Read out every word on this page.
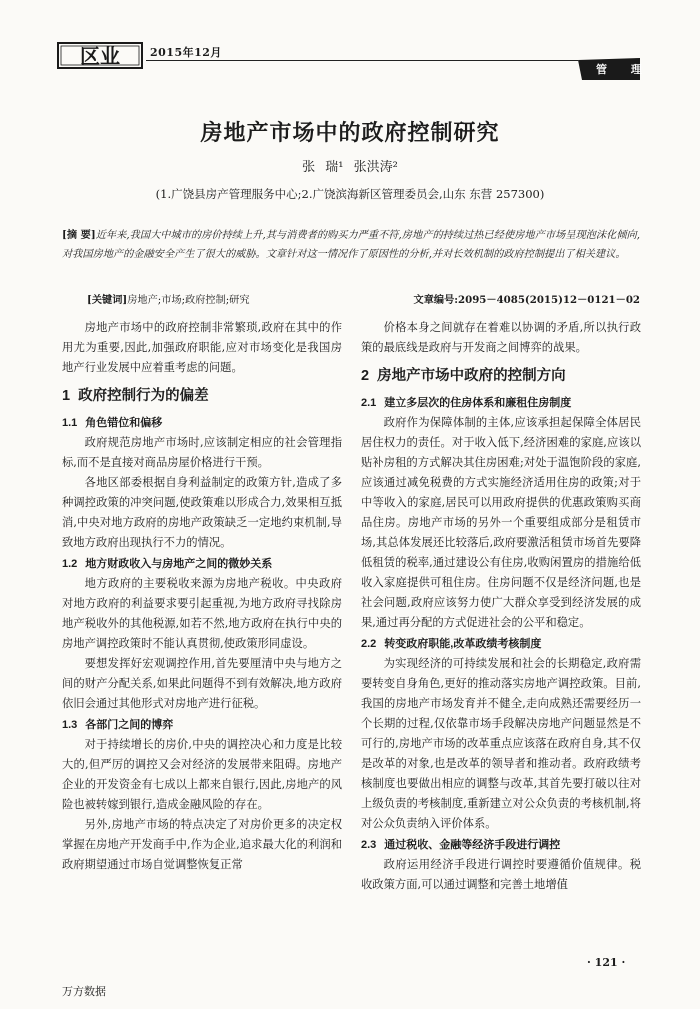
区业	2015年12月
管 理
房地产市场中的政府控制研究
张 瑞¹ 张洪涛²
(1.广饶县房产管理服务中心;2.广饶滨海新区管理委员会,山东 东营 257300)
[摘 要]近年来,我国大中城市的房价持续上升,其与消费者的购买力严重不符,房地产的持续过热已经使房地产市场呈现泡沫化倾向,对我国房地产的金融安全产生了很大的威胁。文章针对这一情况作了原因性的分析,并对长效机制的政府控制提出了相关建议。
[关键词]房地产;市场;政府控制;研究	文章编号:2095－4085(2015)12－0121－02

房地产市场中的政府控制非常繁琐,政府在其中的作用尤为重要,因此,加强政府职能,应对市场变化是我国房地产行业发展中应着重考虑的问题。

1 政府控制行为的偏差
1.1 角色错位和偏移

政府规范房地产市场时,应该制定相应的社会管理指标,而不是直接对商品房屋价格进行干预。

各地区部委根据自身利益制定的政策方针,造成了多种调控政策的冲突问题,使政策难以形成合力,效果相互抵消,中央对地方政府的房地产政策缺乏一定地约束机制,导致地方政府出现执行不力的情况。

1.2 地方财政收入与房地产之间的微妙关系

地方政府的主要税收来源为房地产税收。中央政府对地方政府的利益要求要引起重视,为地方政府寻找除房地产税收外的其他税源,如若不然,地方政府在执行中央的房地产调控政策时不能认真贯彻,使政策形同虚设。

要想发挥好宏观调控作用,首先要厘清中央与地方之间的财产分配关系,如果此问题得不到有效解决,地方政府依旧会通过其他形式对房地产进行征税。

1.3 各部门之间的博弈

对于持续增长的房价,中央的调控决心和力度是比较大的,但严厉的调控又会对经济的发展带来阻碍。房地产企业的开发资金有七成以上都来自银行,因此,房地产的风险也被转嫁到银行,造成金融风险的存在。

另外,房地产市场的特点决定了对房价更多的决定权掌握在房地产开发商手中,作为企业,追求最大化的利润和政府期望通过市场自觉调整恢复正常

价格本身之间就存在着难以协调的矛盾,所以执行政策的最底线是政府与开发商之间博弈的战果。

2 房地产市场中政府的控制方向
2.1 建立多层次的住房体系和廉租住房制度

政府作为保障体制的主体,应该承担起保障全体居民居住权力的责任。对于收入低下,经济困难的家庭,应该以贴补房租的方式解决其住房困难;对处于温饱阶段的家庭,应该通过减免税费的方式实施经济适用住房的政策;对于中等收入的家庭,居民可以用政府提供的优惠政策购买商品住房。房地产市场的另外一个重要组成部分是租赁市场,其总体发展还比较落后,政府要激活租赁市场首先要降低租赁的税率,通过建设公有住房,收购闲置房的措施给低收入家庭提供可租住房。住房问题不仅是经济问题,也是社会问题,政府应该努力使广大群众享受到经济发展的成果,通过再分配的方式促进社会的公平和稳定。

2.2 转变政府职能,改革政绩考核制度

为实现经济的可持续发展和社会的长期稳定,政府需要转变自身角色,更好的推动落实房地产调控政策。目前,我国的房地产市场发育并不健全,走向成熟还需要经历一个长期的过程,仅依靠市场手段解决房地产问题显然是不可行的,房地产市场的改革重点应该落在政府自身,其不仅是改革的对象,也是改革的领导者和推动者。政府政绩考核制度也要做出相应的调整与改革,其首先要打破以往对上级负责的考核制度,重新建立对公众负责的考核机制,将对公众负责纳入评价体系。

2.3 通过税收、金融等经济手段进行调控

政府运用经济手段进行调控时要遵循价值规律。税收政策方面,可以通过调整和完善土地增值

· 121 ·
万方数据
